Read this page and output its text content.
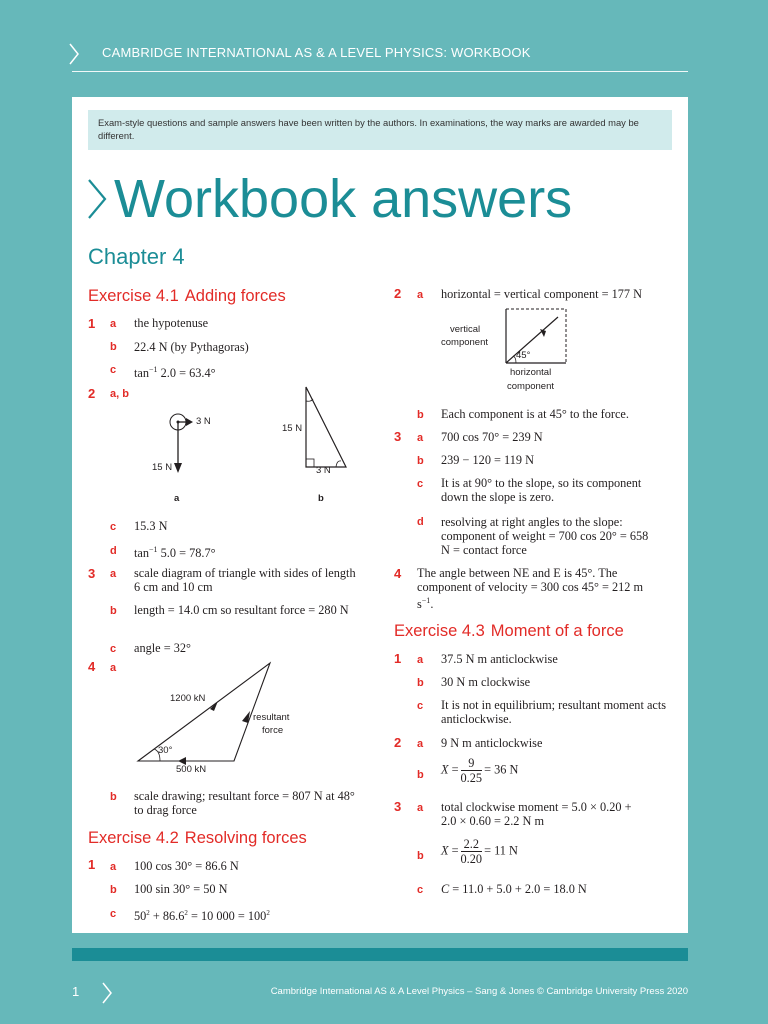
CAMBRIDGE INTERNATIONAL AS & A LEVEL PHYSICS: WORKBOOK
Exam-style questions and sample answers have been written by the authors. In examinations, the way marks are awarded may be different.
Workbook answers
Chapter 4
Exercise 4.1 Adding forces
1 a the hypotenuse
b 22.4 N (by Pythagoras)
c $\tan^{-1} 2.0 = 63.4^\circ$
2 a, b
3 N
15 N
a
15 N
3 N
b
c 15.3 N
d $\tan^{-1} 5.0 = 78.7^\circ$
3 a scale diagram of triangle with sides of length 6 cm and 10 cm
b length = 14.0 cm so resultant force = 280 N
c angle = 32°
4 a
1200 kN
resultant
force
30°
500 kN
b scale drawing; resultant force = 807 N at 48° to drag force
Exercise 4.2 Resolving forces
1 a 100 cos 30° = 86.6 N
b 100 sin 30° = 50 N
c $50^2 + 86.6^2 = 10$ $000 = 100^2$
2 a horizontal = vertical component = 177 N
vertical
component
45°
horizontal
component
b Each component is at 45° to the force.
3 a 700 cos 70° = 239 N
b 239 − 120 = 119 N
c It is at 90° to the slope, so its component down the slope is zero.
d resolving at right angles to the slope: component of weight = 700 cos 20° = 658 N = contact force
4 The angle between NE and E is 45°. The component of velocity = 300 cos 45° = 212 m $s^{-1}$.
Exercise 4.3 Moment of a force
1 a 37.5 N m anticlockwise
b 30 N m clockwise
c It is not in equilibrium; resultant moment acts anticlockwise.
2 a 9 N m anticlockwise
b $X = \frac{9}{0.25} = 36$ N
3 a total clockwise moment = 5.0 × 0.20 + 2.0 × 0.60 = 2.2 N m
b $X = \frac{2.2}{0.20} = 11$ N
c C = 11.0 + 5.0 + 2.0 = 18.0 N
1	Cambridge International AS & A Level Physics – Sang & Jones © Cambridge University Press 2020
